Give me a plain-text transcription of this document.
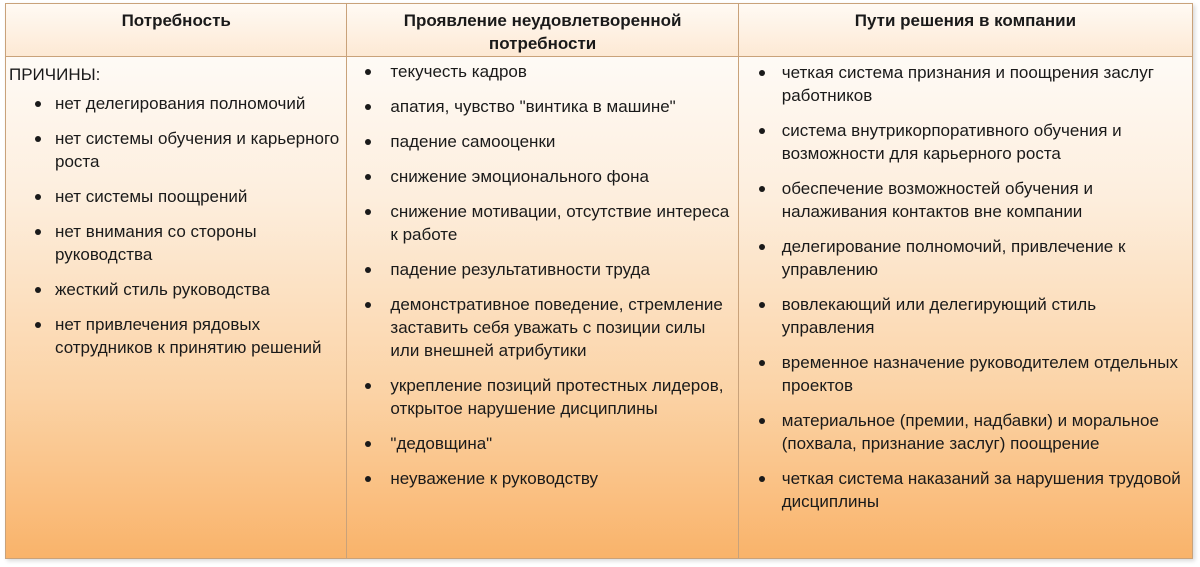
Потребность	Проявление неудовлетворенной потребности
Пути решения в компании
ПРИЧИНЫ:
нет делегирования полномочий
нет системы обучения и карьерного роста
нет системы поощрений
нет внимания со стороны руководства
жесткий стиль руководства
нет привлечения рядовых сотрудников к принятию решений
текучесть кадров
апатия, чувство "винтика в машине"
падение самооценки
снижение эмоционального фона
снижение мотивации, отсутствие интереса к работе
падение результативности труда
демонстративное поведение, стремление заставить себя уважать с позиции силы или внешней атрибутики
укрепление позиций протестных лидеров, открытое нарушение дисциплины
"дедовщина"
неуважение к руководству
четкая система признания и поощрения заслуг работников
система внутрикорпоративного обучения и возможности для карьерного роста
обеспечение возможностей обучения и налаживания контактов вне компании
делегирование полномочий, привлечение к управлению
вовлекающий или делегирующий стиль управления
временное назначение руководителем отдельных проектов
материальное (премии, надбавки) и моральное (похвала, признание заслуг) поощрение
четкая система наказаний за нарушения трудовой дисциплины
